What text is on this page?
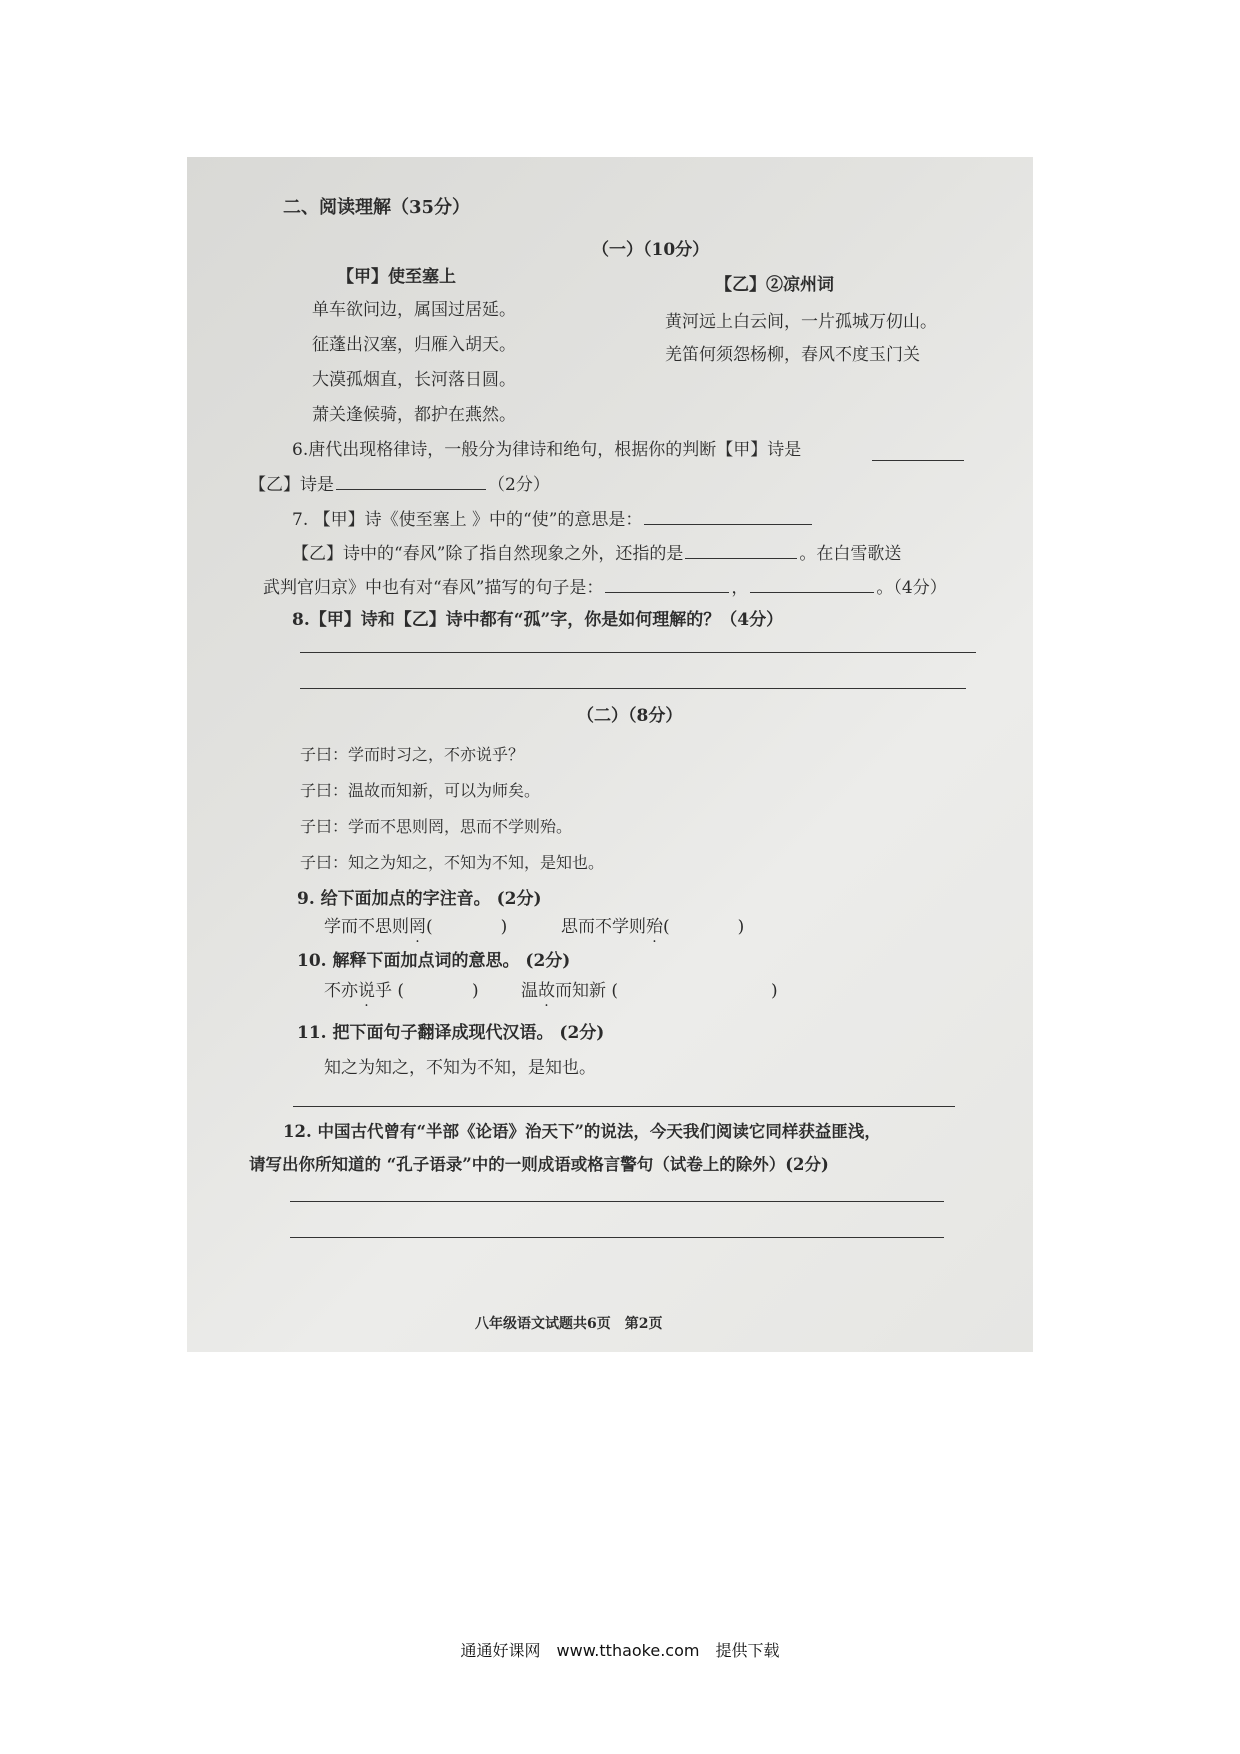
二、阅读理解（35分）
（一）（10分）
【甲】使至塞上
单车欲问边，属国过居延。
征蓬出汉塞，归雁入胡天。
大漠孤烟直，长河落日圆。
萧关逢候骑，都护在燕然。
【乙】②凉州词
黄河远上白云间，一片孤城万仞山。
羌笛何须怨杨柳，春风不度玉门关
6.唐代出现格律诗，一般分为律诗和绝句，根据你的判断【甲】诗是
【乙】诗是	（2分）
7. 【甲】诗《使至塞上 》中的“使”的意思是：
【乙】诗中的“春风”除了指自然现象之外，还指的是	。在白雪歌送
武判官归京》中也有对“春风”描写的句子是：	，	。（4分）
8.【甲】诗和【乙】诗中都有“孤”字，你是如何理解的？（4分）
（二）（8分）
子曰：学而时习之，不亦说乎？
子曰：温故而知新，可以为师矣。
子曰：学而不思则罔，思而不学则殆。
子曰：知之为知之，不知为不知，是知也。
9. 给下面加点的字注音。 (2分)
学而不思则罔(　　　　)	思而不学则殆(　　　　)
10. 解释下面加点词的意思。 (2分)
不亦说乎 (　　　　) 温故而知新 (　　　　　　　　　)
11. 把下面句子翻译成现代汉语。 (2分)
知之为知之，不知为不知，是知也。
12. 中国古代曾有“半部《论语》治天下”的说法，今天我们阅读它同样获益匪浅，
请写出你所知道的 “孔子语录”中的一则成语或格言警句（试卷上的除外）(2分)
八年级语文试题共6页　第2页
通通好课网　www.tthaoke.com　提供下载
